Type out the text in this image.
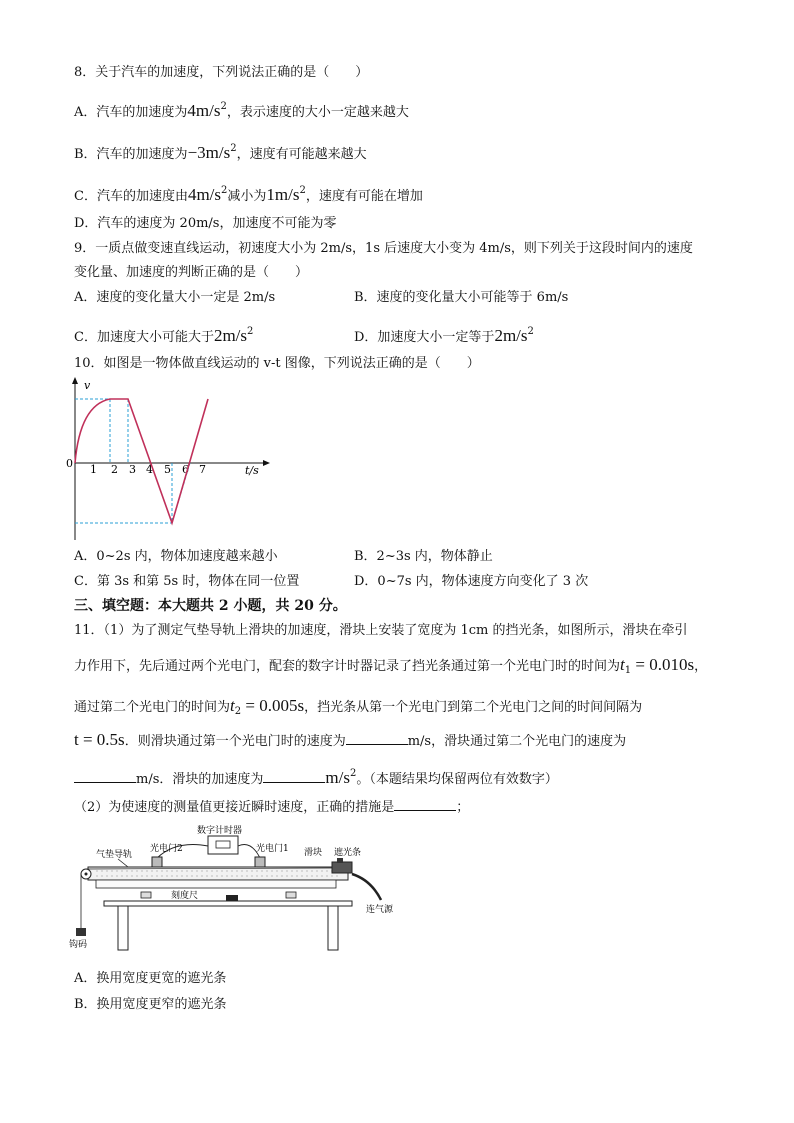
8．关于汽车的加速度，下列说法正确的是（　　）
A．汽车的加速度为$4m/s^2$，表示速度的大小一定越来越大
B．汽车的加速度为$-3m/s^2$，速度有可能越来越大
C．汽车的加速度由$4m/s^2$减小为$1m/s^2$，速度有可能在增加
D．汽车的速度为 20m/s，加速度不可能为零
9．一质点做变速直线运动，初速度大小为 2m/s，1s 后速度大小变为 4m/s，则下列关于这段时间内的速度
变化量、加速度的判断正确的是（　　）
A．速度的变化量大小一定是 2m/s	B．速度的变化量大小可能等于 6m/s
C．加速度大小可能大于$2m/s^2$	D．加速度大小一定等于$2m/s^2$
10．如图是一物体做直线运动的 v-t 图像，下列说法正确的是（　　）
v
0
t/s
1 2 3 4 5 6 7
A．0~2s 内，物体加速度越来越小	B．2~3s 内，物体静止
C．第 3s 和第 5s 时，物体在同一位置	D．0~7s 内，物体速度方向变化了 3 次
三、填空题：本大题共 2 小题，共 20 分。
11．（1）为了测定气垫导轨上滑块的加速度，滑块上安装了宽度为 1cm 的挡光条，如图所示，滑块在牵引
力作用下，先后通过两个光电门，配套的数字计时器记录了挡光条通过第一个光电门时的时间为$t_1 = 0.010s$，
通过第二个光电门的时间为$t_2 = 0.005s$，挡光条从第一个光电门到第二个光电门之间的时间间隔为
t = 0.5s．则滑块通过第一个光电门时的速度为	m/s，滑块通过第二个光电门的速度为
m/s．滑块的加速度为	$m/s^2$。（本题结果均保留两位有效数字）
（2）为使速度的测量值更接近瞬时速度，正确的措施是	；
数字计时器
光电门2	光电门1
气垫导轨	滑块 遮光条
钩码
连气源
刻度尺
A．换用宽度更宽的遮光条
B．换用宽度更窄的遮光条
